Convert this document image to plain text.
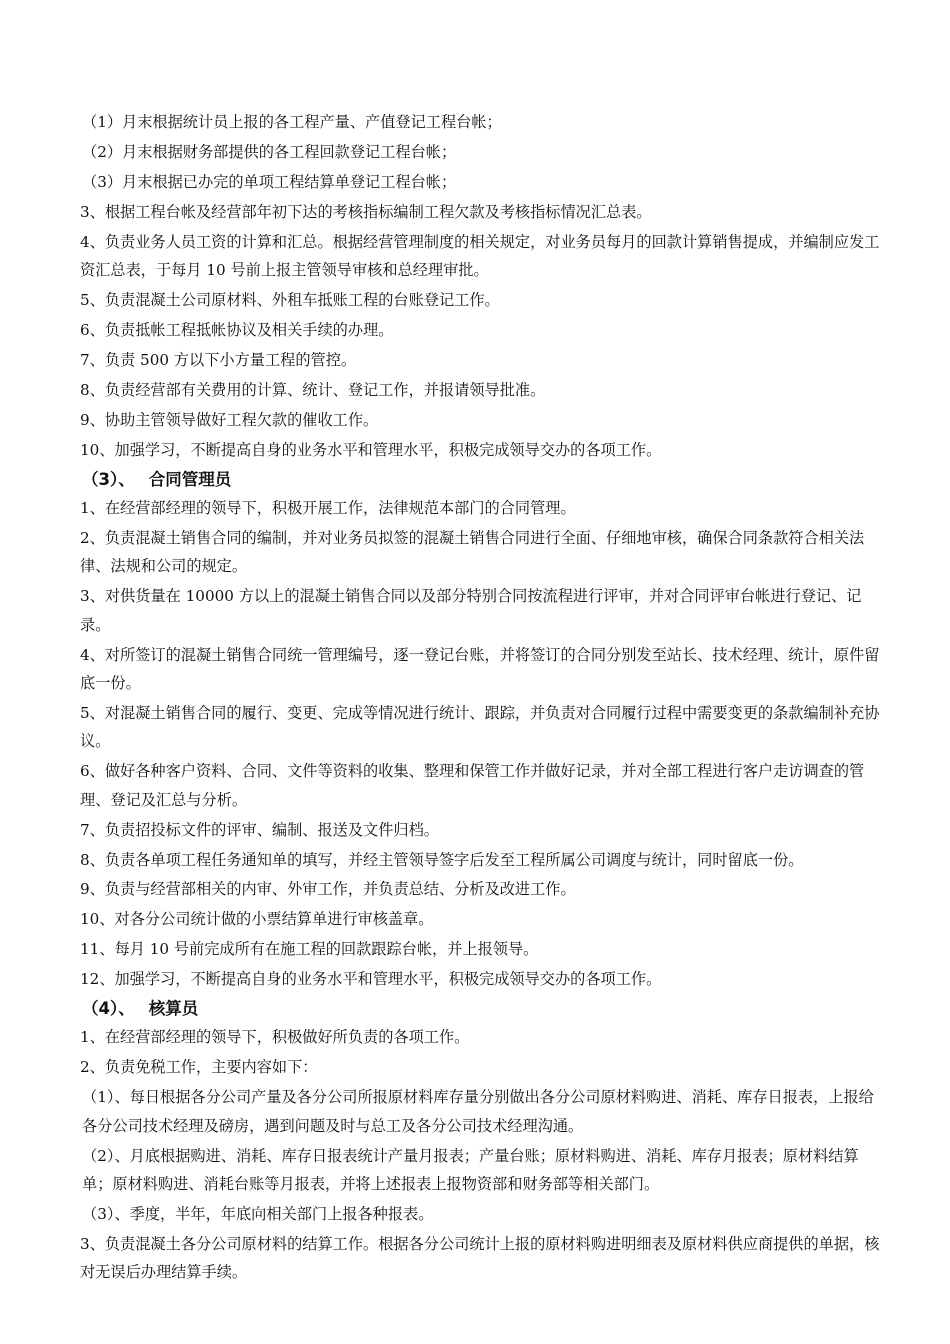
（1）月末根据统计员上报的各工程产量、产值登记工程台帐；

（2）月末根据财务部提供的各工程回款登记工程台帐；

（3）月末根据已办完的单项工程结算单登记工程台帐；

3、根据工程台帐及经营部年初下达的考核指标编制工程欠款及考核指标情况汇总表。

4、负责业务人员工资的计算和汇总。根据经营管理制度的相关规定，对业务员每月的回款计算销售提成，并编制应发工资汇总表，于每月 10 号前上报主管领导审核和总经理审批。

5、负责混凝土公司原材料、外租车抵账工程的台账登记工作。

6、负责抵帐工程抵帐协议及相关手续的办理。

7、负责 500 方以下小方量工程的管控。

8、负责经营部有关费用的计算、统计、登记工作，并报请领导批准。

9、协助主管领导做好工程欠款的催收工作。

10、加强学习，不断提高自身的业务水平和管理水平，积极完成领导交办的各项工作。

（3）、 合同管理员

1、在经营部经理的领导下，积极开展工作，法律规范本部门的合同管理。

2、负责混凝土销售合同的编制，并对业务员拟签的混凝土销售合同进行全面、仔细地审核，确保合同条款符合相关法律、法规和公司的规定。

3、对供货量在 10000 方以上的混凝土销售合同以及部分特别合同按流程进行评审，并对合同评审台帐进行登记、记录。

4、对所签订的混凝土销售合同统一管理编号，逐一登记台账，并将签订的合同分别发至站长、技术经理、统计，原件留底一份。

5、对混凝土销售合同的履行、变更、完成等情况进行统计、跟踪，并负责对合同履行过程中需要变更的条款编制补充协议。

6、做好各种客户资料、合同、文件等资料的收集、整理和保管工作并做好记录，并对全部工程进行客户走访调查的管理、登记及汇总与分析。

7、负责招投标文件的评审、编制、报送及文件归档。

8、负责各单项工程任务通知单的填写，并经主管领导签字后发至工程所属公司调度与统计，同时留底一份。

9、负责与经营部相关的内审、外审工作，并负责总结、分析及改进工作。

10、对各分公司统计做的小票结算单进行审核盖章。

11、每月 10 号前完成所有在施工程的回款跟踪台帐，并上报领导。

12、加强学习，不断提高自身的业务水平和管理水平，积极完成领导交办的各项工作。

（4）、 核算员

1、在经营部经理的领导下，积极做好所负责的各项工作。

2、负责免税工作，主要内容如下：

（1）、每日根据各分公司产量及各分公司所报原材料库存量分别做出各分公司原材料购进、消耗、库存日报表，上报给各分公司技术经理及磅房，遇到问题及时与总工及各分公司技术经理沟通。

（2）、月底根据购进、消耗、库存日报表统计产量月报表；产量台账；原材料购进、消耗、库存月报表；原材料结算单；原材料购进、消耗台账等月报表，并将上述报表上报物资部和财务部等相关部门。

（3）、季度，半年，年底向相关部门上报各种报表。

3、负责混凝土各分公司原材料的结算工作。根据各分公司统计上报的原材料购进明细表及原材料供应商提供的单据，核对无误后办理结算手续。
